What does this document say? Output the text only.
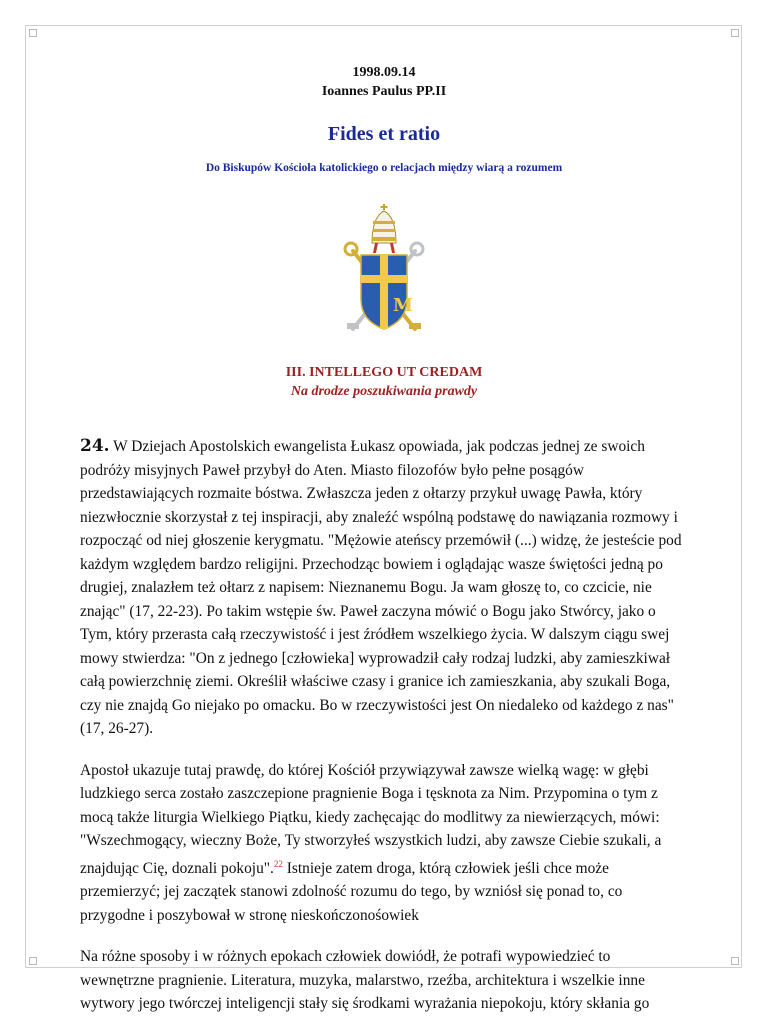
1998.09.14
Ioannes Paulus PP.II
Fides et ratio
Do Biskupów Kościoła katolickiego o relacjach między wiarą a rozumem
M
III. INTELLEGO UT CREDAM
Na drodze poszukiwania prawdy

24. W Dziejach Apostolskich ewangelista Łukasz opowiada, jak podczas jednej ze swoich podróży misyjnych Paweł przybył do Aten. Miasto filozofów było pełne posągów przedstawiających rozmaite bóstwa. Zwłaszcza jeden z ołtarzy przykuł uwagę Pawła, który niezwłocznie skorzystał z tej inspiracji, aby znaleźć wspólną podstawę do nawiązania rozmowy i rozpocząć od niej głoszenie kerygmatu. "Mężowie ateńscy przemówił (...) widzę, że jesteście pod każdym względem bardzo religijni. Przechodząc bowiem i oglądając wasze świętości jedną po drugiej, znalazłem też ołtarz z napisem: Nieznanemu Bogu. Ja wam głoszę to, co czcicie, nie znając" (17, 22-23). Po takim wstępie św. Paweł zaczyna mówić o Bogu jako Stwórcy, jako o Tym, który przerasta całą rzeczywistość i jest źródłem wszelkiego życia. W dalszym ciągu swej mowy stwierdza: "On z jednego [człowieka] wyprowadził cały rodzaj ludzki, aby zamieszkiwał całą powierzchnię ziemi. Określił właściwe czasy i granice ich zamieszkania, aby szukali Boga, czy nie znajdą Go niejako po omacku. Bo w rzeczywistości jest On niedaleko od każdego z nas" (17, 26-27).

Apostoł ukazuje tutaj prawdę, do której Kościół przywiązywał zawsze wielką wagę: w głębi ludzkiego serca zostało zaszczepione pragnienie Boga i tęsknota za Nim. Przypomina o tym z mocą także liturgia Wielkiego Piątku, kiedy zachęcając do modlitwy za niewierzących, mówi: "Wszechmogący, wieczny Boże, Ty stworzyłeś wszystkich ludzi, aby zawsze Ciebie szukali, a znajdując Cię, doznali pokoju".$^{22}$ Istnieje zatem droga, którą człowiek jeśli chce może przemierzyć; jej zaczątek stanowi zdolność rozumu do tego, by wzniósł się ponad to, co przygodne i poszybował w stronę nieskończonośowiek

Na różne sposoby i w różnych epokach człowiek dowiódł, że potrafi wypowiedzieć to wewnętrzne pragnienie. Literatura, muzyka, malarstwo, rzeźba, architektura i wszelkie inne wytwory jego twórczej inteligencji stały się środkami wyrażania niepokoju, który skłania go
